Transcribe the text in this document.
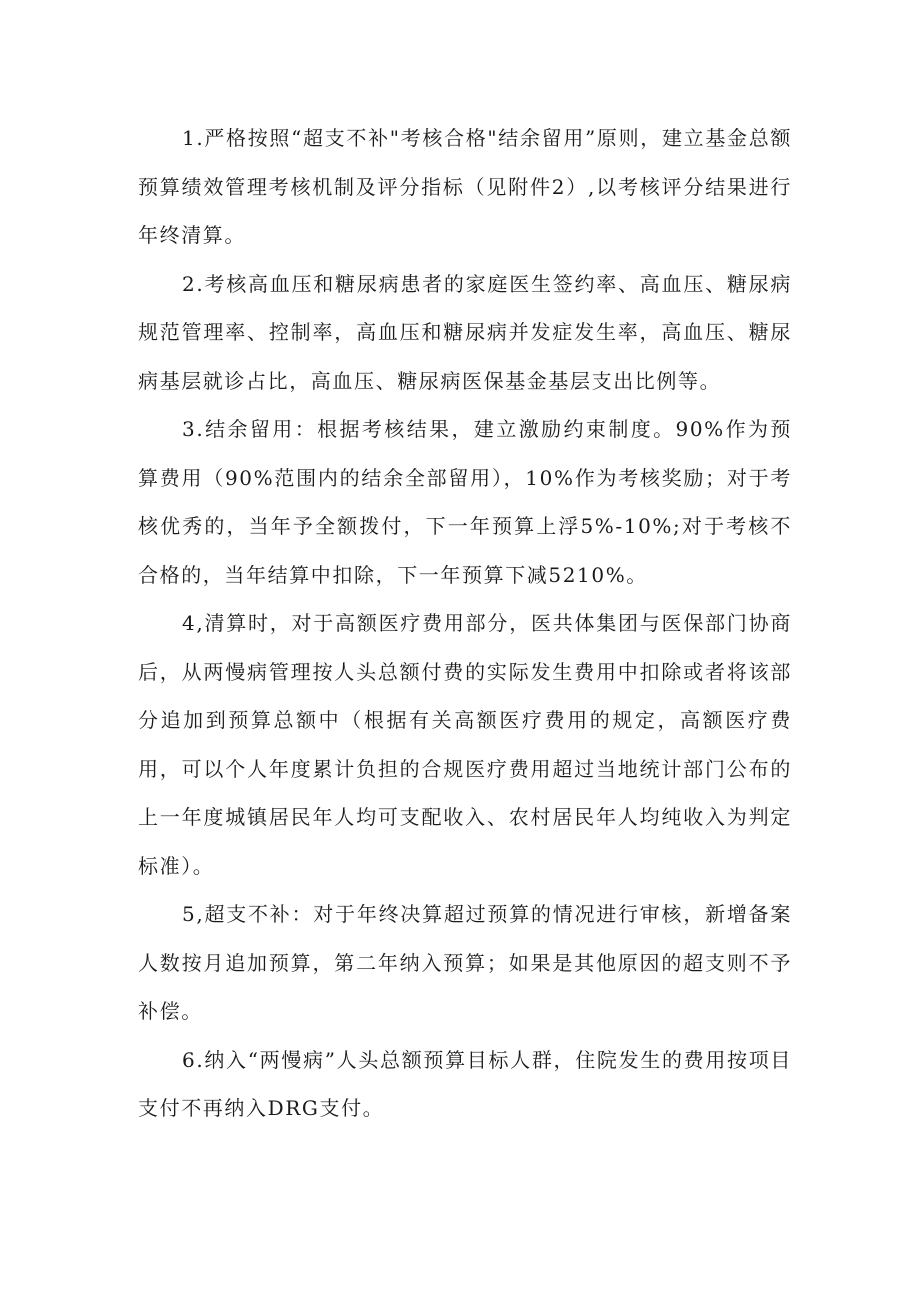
1.严格按照“超支不补"考核合格"结余留用”原则，建立基金总额预算绩效管理考核机制及评分指标（见附件2）,以考核评分结果进行年终清算。

2.考核高血压和糖尿病患者的家庭医生签约率、高血压、糖尿病规范管理率、控制率，高血压和糖尿病并发症发生率，高血压、糖尿病基层就诊占比，高血压、糖尿病医保基金基层支出比例等。

3.结余留用：根据考核结果，建立激励约束制度。90%作为预算费用（90%范围内的结余全部留用），10%作为考核奖励；对于考核优秀的，当年予全额拨付，下一年预算上浮5%-10%;对于考核不合格的，当年结算中扣除，下一年预算下减5210%。

4,清算时，对于高额医疗费用部分，医共体集团与医保部门协商后，从两慢病管理按人头总额付费的实际发生费用中扣除或者将该部分追加到预算总额中（根据有关高额医疗费用的规定，高额医疗费用，可以个人年度累计负担的合规医疗费用超过当地统计部门公布的上一年度城镇居民年人均可支配收入、农村居民年人均纯收入为判定标准）。

5,超支不补：对于年终决算超过预算的情况进行审核，新增备案人数按月追加预算，第二年纳入预算；如果是其他原因的超支则不予补偿。

6.纳入“两慢病”人头总额预算目标人群，住院发生的费用按项目支付不再纳入DRG支付。
